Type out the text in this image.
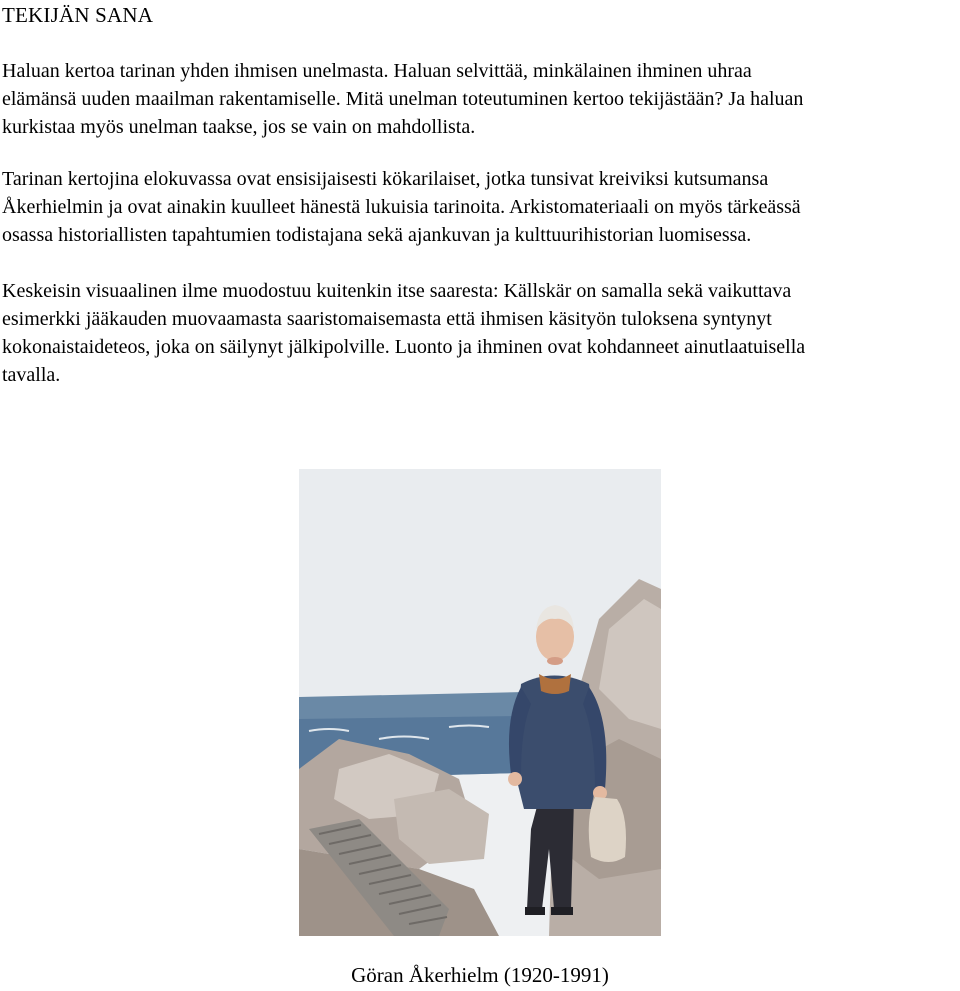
TEKIJÄN SANA

Haluan kertoa tarinan yhden ihmisen unelmasta. Haluan selvittää, minkälainen ihminen uhraa
elämänsä uuden maailman rakentamiselle. Mitä unelman toteutuminen kertoo tekijästään? Ja haluan
kurkistaa myös unelman taakse, jos se vain on mahdollista.

Tarinan kertojina elokuvassa ovat ensisijaisesti kökarilaiset, jotka tunsivat kreiviksi kutsumansa
Åkerhielmin ja ovat ainakin kuulleet hänestä lukuisia tarinoita. Arkistomateriaali on myös tärkeässä
osassa historiallisten tapahtumien todistajana sekä ajankuvan ja kulttuurihistorian luomisessa.

Keskeisin visuaalinen ilme muodostuu kuitenkin itse saaresta: Källskär on samalla sekä vaikuttava
esimerkki jääkauden muovaamasta saaristomaisemasta että ihmisen käsityön tuloksena syntynyt
kokonaistaideteos, joka on säilynyt jälkipolville. Luonto ja ihminen ovat kohdanneet ainutlaatuisella
tavalla.

Göran Åkerhielm (1920-1991)
